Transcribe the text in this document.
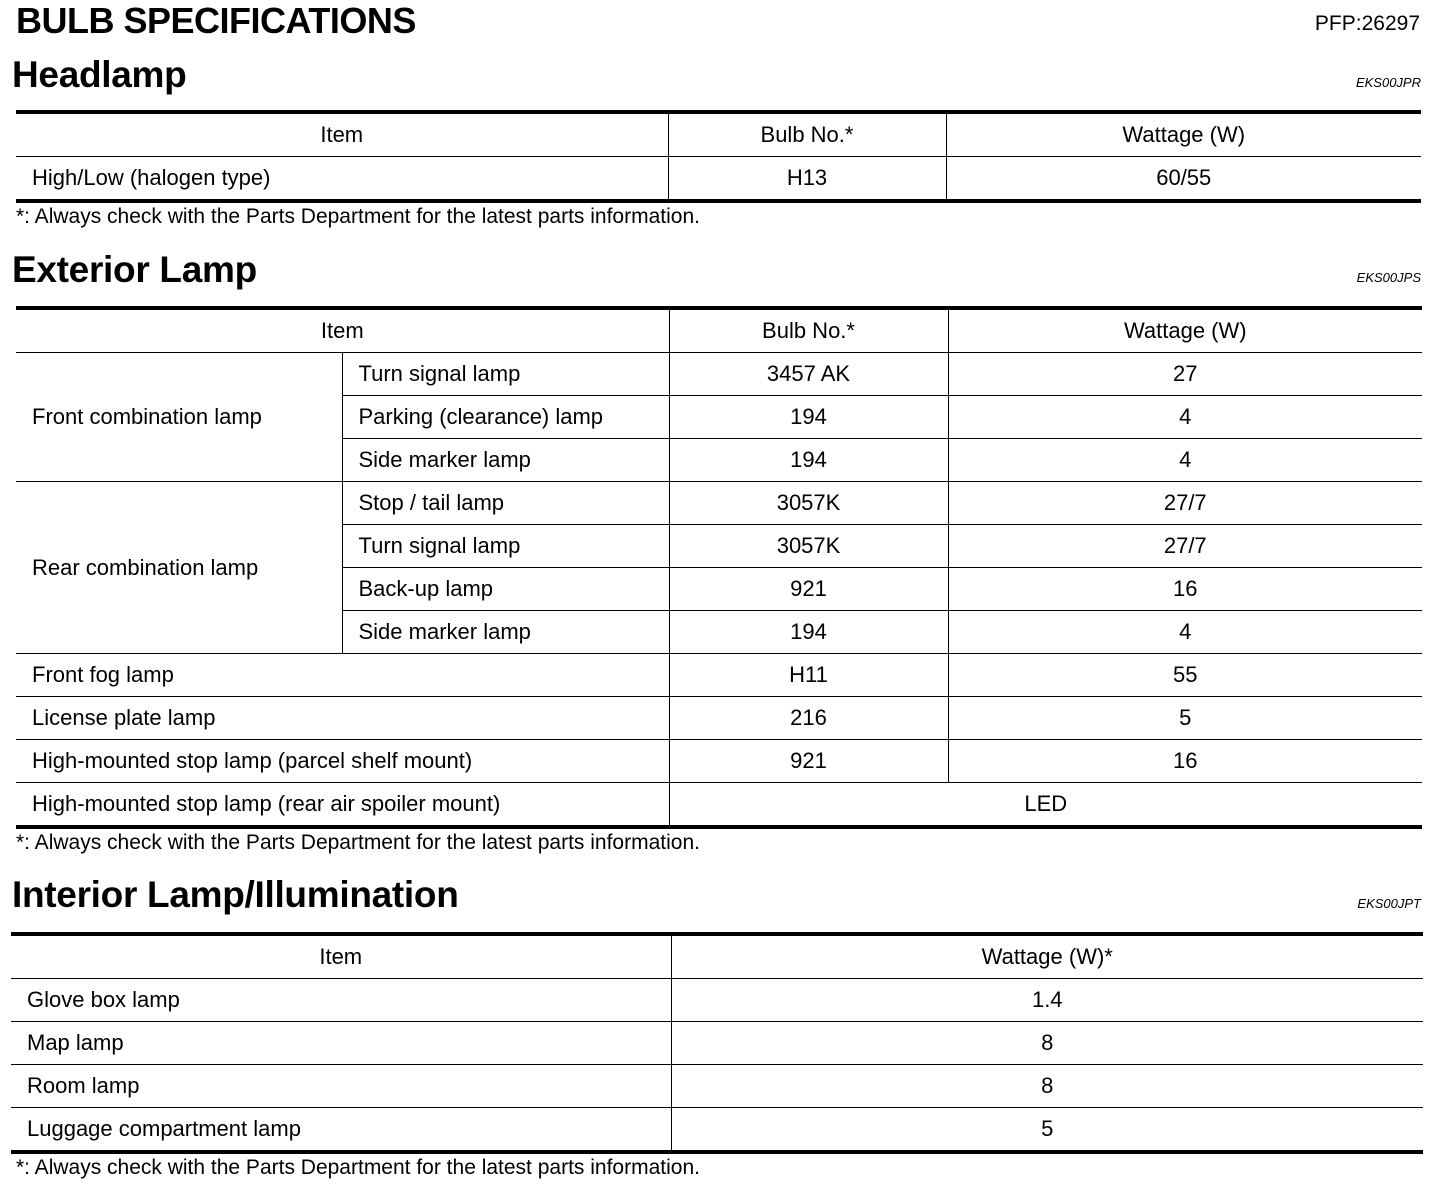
BULB SPECIFICATIONS	PFP:26297
Headlamp	EKS00JPR
Item	Bulb No.*	Wattage (W)
High/Low (halogen type)	H13	60/55
*: Always check with the Parts Department for the latest parts information.
Exterior Lamp	EKS00JPS
Item		Bulb No.*	Wattage (W)
Front combination lamp	Turn signal lamp	3457 AK	27
	Parking (clearance) lamp	194	4
	Side marker lamp	194	4
Rear combination lamp	Stop / tail lamp	3057K	27/7
	Turn signal lamp	3057K	27/7
	Back-up lamp	921	16
	Side marker lamp	194	4
Front fog lamp		H11	55
License plate lamp		216	5
High-mounted stop lamp (parcel shelf mount)		921	16
High-mounted stop lamp (rear air spoiler mount)		LED	
*: Always check with the Parts Department for the latest parts information.
Interior Lamp/Illumination	EKS00JPT
Item	Wattage (W)*
Glove box lamp	1.4
Map lamp	8
Room lamp	8
Luggage compartment lamp	5
*: Always check with the Parts Department for the latest parts information.
